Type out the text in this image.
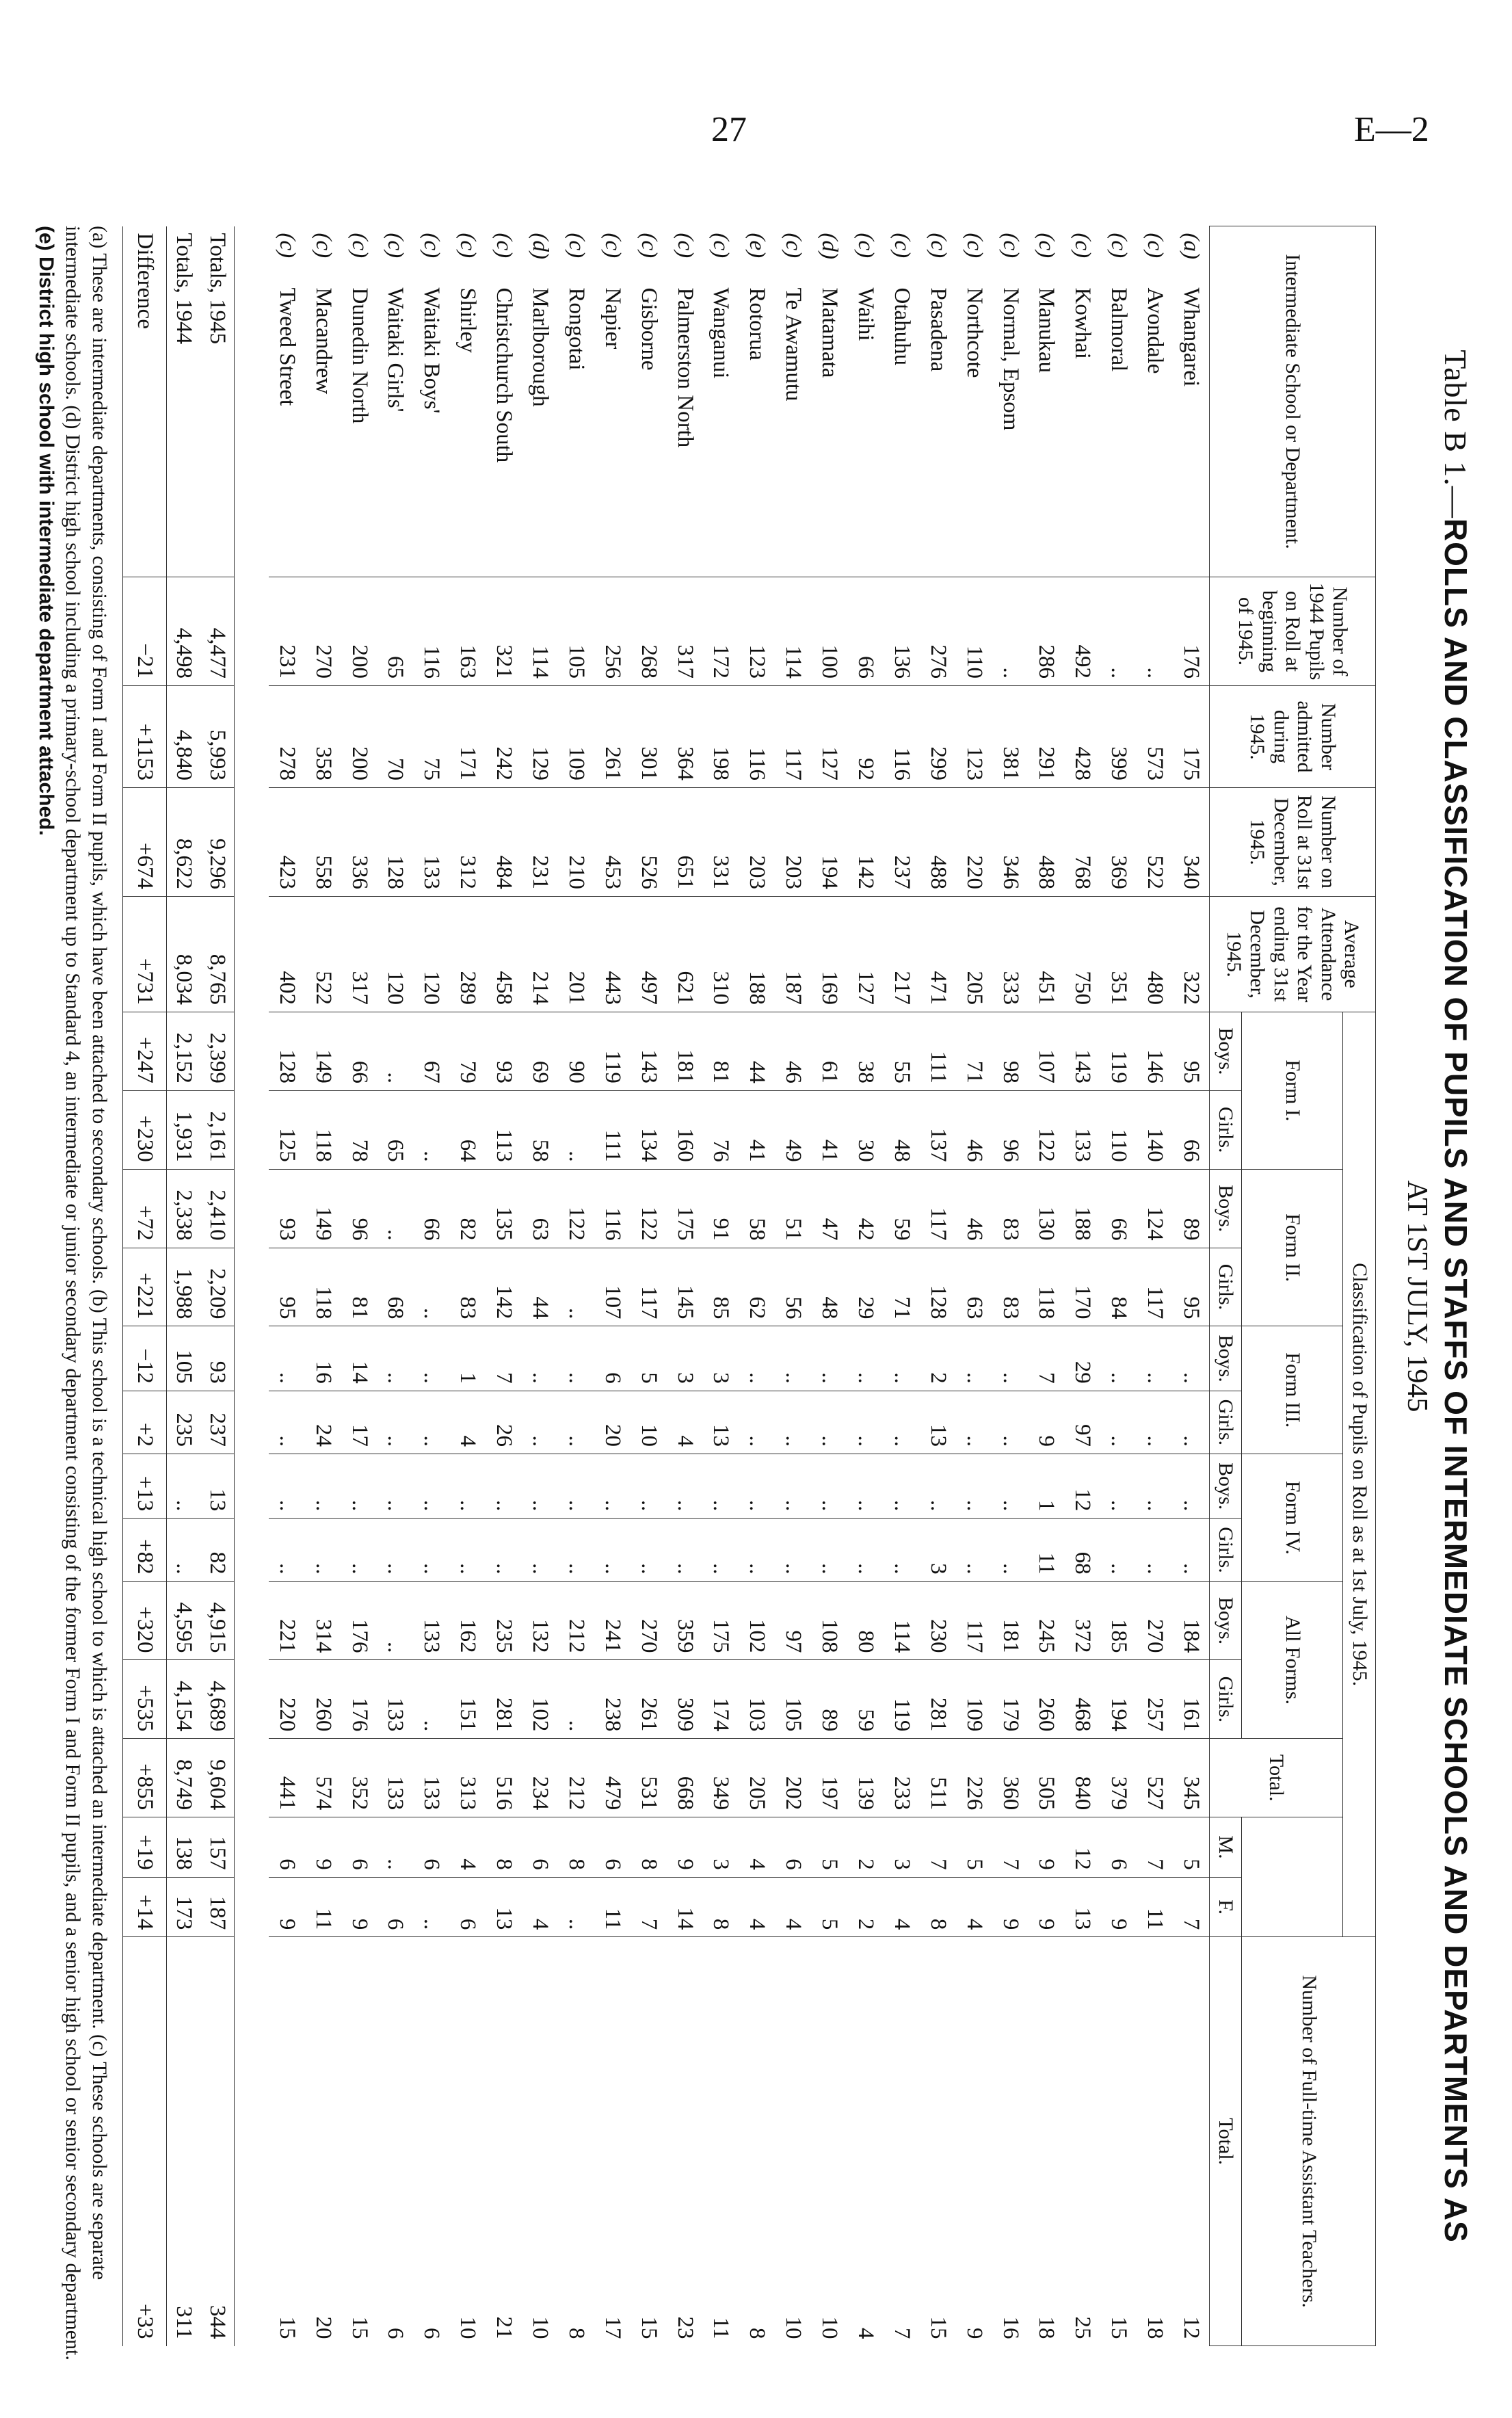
27	E—2
Table B 1.—ROLLS AND CLASSIFICATION OF PUPILS AND STAFFS OF INTERMEDIATE SCHOOLS AND DEPARTMENTS AS
AT 1ST JULY, 1945
Intermediate School or Department.		Number of 1944 Pupils on Roll at beginning of 1945.	Number admitted during 1945.	Number on Roll at 31st December, 1945.	Average Attendance for the Year ending 31st December, 1945.	Classification of Pupils on Roll as at 1st July, 1945.													Number of Full-time Assistant Teachers.
						Form I.		Form II.		Form III.		Form IV.		All Forms.		Total.			
						Boys.	Girls.	Boys.	Girls.	Boys.	Girls.	Boys.	Girls.	Boys.	Girls.		M.	F.	Total.
(a)	Whangarei	176	175	340	322	95	66	89	95	..	..	..	..	184	161	345	5	7	12
(c)	Avondale	..	573	522	480	146	140	124	117	..	..	..	..	270	257	527	7	11	18
(c)	Balmoral	..	399	369	351	119	110	66	84	..	..	..	..	185	194	379	6	9	15
(c)	Kowhai	492	428	768	750	143	133	188	170	29	97	12	68	372	468	840	12	13	25
(c)	Manukau	286	291	488	451	107	122	130	118	7	9	1	11	245	260	505	9	9	18
(c)	Normal, Epsom	..	381	346	333	98	96	83	83	..	..	..	..	181	179	360	7	9	16
(c)	Northcote	110	123	220	205	71	46	46	63	..	..	..	..	117	109	226	5	4	9
(c)	Pasadena	276	299	488	471	111	137	117	128	2	13	..	3	230	281	511	7	8	15
(c)	Otahuhu	136	116	237	217	55	48	59	71	..	..	..	..	114	119	233	3	4	7
(c)	Waihi	66	92	142	127	38	30	42	29	..	..	..	..	80	59	139	2	2	4
(d)	Matamata	100	127	194	169	61	41	47	48	..	..	..	..	108	89	197	5	5	10
(c)	Te Awamutu	114	117	203	187	46	49	51	56	..	..	..	..	97	105	202	6	4	10
(e)	Rotorua	123	116	203	188	44	41	58	62	..	..	..	..	102	103	205	4	4	8
(c)	Wanganui	172	198	331	310	81	76	91	85	3	13	..	..	175	174	349	3	8	11
(c)	Palmerston North	317	364	651	621	181	160	175	145	3	4	..	..	359	309	668	9	14	23
(c)	Gisborne	268	301	526	497	143	134	122	117	5	10	..	..	270	261	531	8	7	15
(c)	Napier	256	261	453	443	119	111	116	107	6	20	..	..	241	238	479	6	11	17
(c)	Rongotai	105	109	210	201	90	..	122	..	..	..	..	..	212	..	212	8	..	8
(d)	Marlborough	114	129	231	214	69	58	63	44	..	..	..	..	132	102	234	6	4	10
(c)	Christchurch South	321	242	484	458	93	113	135	142	7	26	..	..	235	281	516	8	13	21
(c)	Shirley	163	171	312	289	79	64	82	83	1	4	..	..	162	151	313	4	6	10
(c)	Waitaki Boys'	116	75	133	120	67	..	66	..	..	..	..	..	133	..	133	6	..	6
(c)	Waitaki Girls'	65	70	128	120	..	65	..	68	..	..	..	..	..	133	133	..	6	6
(c)	Dunedin North	200	200	336	317	66	78	96	81	14	17	..	..	176	176	352	6	9	15
(c)	Macandrew	270	358	558	522	149	118	149	118	16	24	..	..	314	260	574	9	11	20
(c)	Tweed Street	231	278	423	402	128	125	93	95	..	..	..	..	221	220	441	6	9	15

Totals, 1945		4,477	5,993	9,296	8,765	2,399	2,161	2,410	2,209	93	237	13	82	4,915	4,689	9,604	157	187	344
Totals, 1944		4,498	4,840	8,622	8,034	2,152	1,931	2,338	1,988	105	235	..	..	4,595	4,154	8,749	138	173	311
Difference		−21	+1153	+674	+731	+247	+230	+72	+221	−12	+2	+13	+82	+320	+535	+855	+19	+14	+33

(a) These are intermediate departments, consisting of Form I and Form II pupils, which have been attached to secondary schools. (b) This school is a technical high school to which is attached an intermediate department. (c) These schools are separate intermediate schools. (d) District high school including a primary-school department up to Standard 4, an intermediate or junior secondary department consisting of the former Form I and Form II pupils, and a senior high school or senior secondary department.

(e) District high school with intermediate department attached.
